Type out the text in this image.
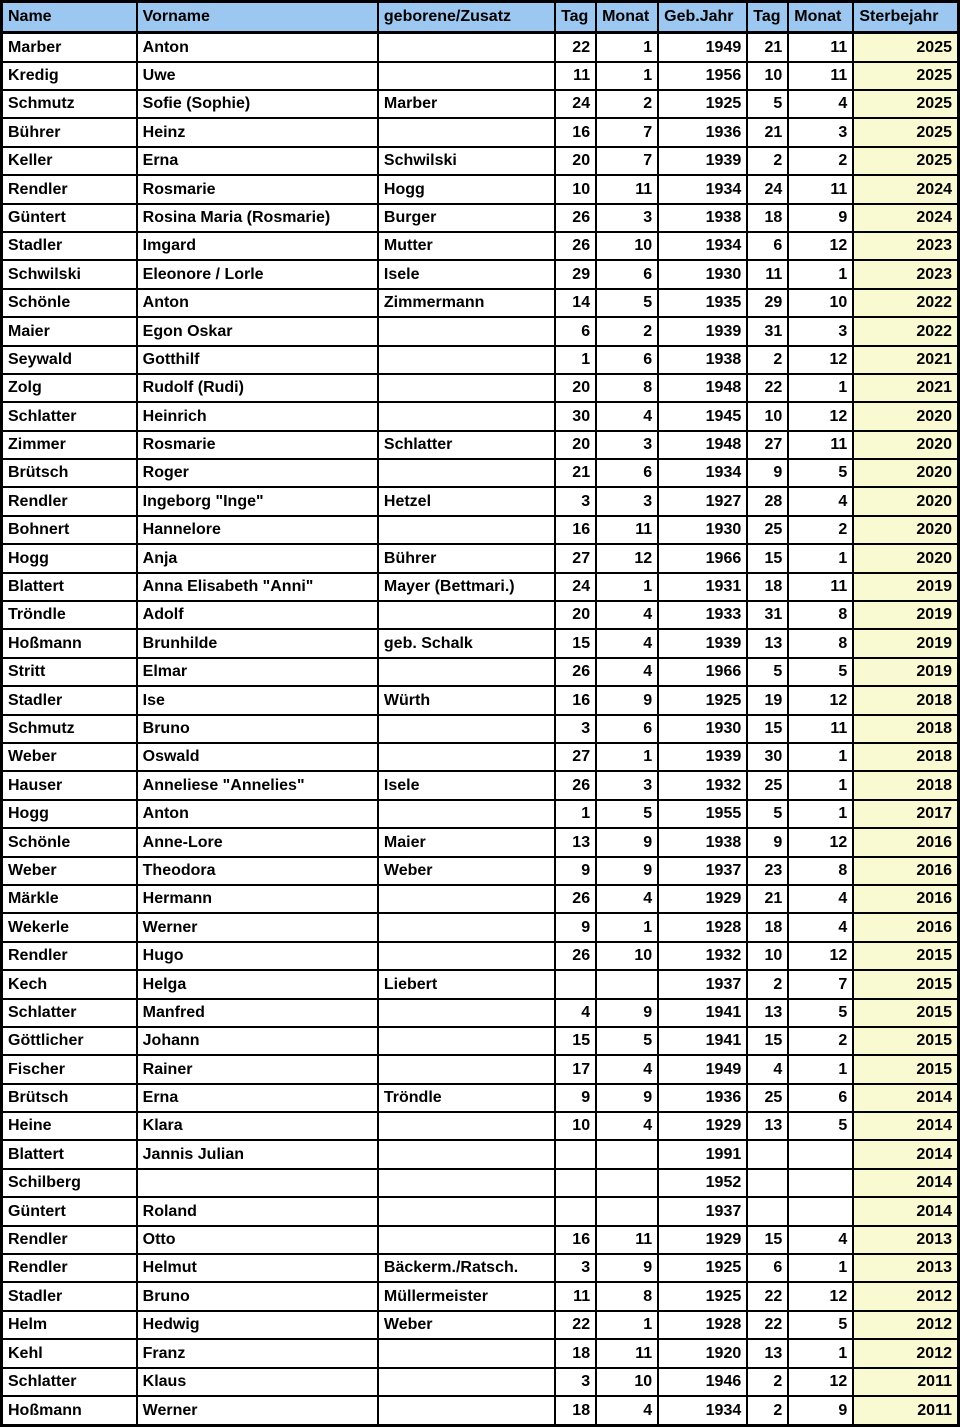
Name	Vorname	geborene/Zusatz	Tag	Monat	Geb.Jahr	Tag	Monat	Sterbejahr
Marber	Anton		22	1	1949	21	11	2025
Kredig	Uwe		11	1	1956	10	11	2025
Schmutz	Sofie (Sophie)	Marber	24	2	1925	5	4	2025
Bührer	Heinz		16	7	1936	21	3	2025
Keller	Erna	Schwilski	20	7	1939	2	2	2025
Rendler	Rosmarie	Hogg	10	11	1934	24	11	2024
Güntert	Rosina Maria (Rosmarie)	Burger	26	3	1938	18	9	2024
Stadler	Imgard	Mutter	26	10	1934	6	12	2023
Schwilski	Eleonore / Lorle	Isele	29	6	1930	11	1	2023
Schönle	Anton	Zimmermann	14	5	1935	29	10	2022
Maier	Egon Oskar		6	2	1939	31	3	2022
Seywald	Gotthilf		1	6	1938	2	12	2021
Zolg	Rudolf (Rudi)		20	8	1948	22	1	2021
Schlatter	Heinrich		30	4	1945	10	12	2020
Zimmer	Rosmarie	Schlatter	20	3	1948	27	11	2020
Brütsch	Roger		21	6	1934	9	5	2020
Rendler	Ingeborg "Inge"	Hetzel	3	3	1927	28	4	2020
Bohnert	Hannelore		16	11	1930	25	2	2020
Hogg	Anja	Bührer	27	12	1966	15	1	2020
Blattert	Anna Elisabeth "Anni"	Mayer (Bettmari.)	24	1	1931	18	11	2019
Tröndle	Adolf		20	4	1933	31	8	2019
Hoßmann	Brunhilde	geb. Schalk	15	4	1939	13	8	2019
Stritt	Elmar		26	4	1966	5	5	2019
Stadler	Ise	Würth	16	9	1925	19	12	2018
Schmutz	Bruno		3	6	1930	15	11	2018
Weber	Oswald		27	1	1939	30	1	2018
Hauser	Anneliese "Annelies"	Isele	26	3	1932	25	1	2018
Hogg	Anton		1	5	1955	5	1	2017
Schönle	Anne-Lore	Maier	13	9	1938	9	12	2016
Weber	Theodora	Weber	9	9	1937	23	8	2016
Märkle	Hermann		26	4	1929	21	4	2016
Wekerle	Werner		9	1	1928	18	4	2016
Rendler	Hugo		26	10	1932	10	12	2015
Kech	Helga	Liebert			1937	2	7	2015
Schlatter	Manfred		4	9	1941	13	5	2015
Göttlicher	Johann		15	5	1941	15	2	2015
Fischer	Rainer		17	4	1949	4	1	2015
Brütsch	Erna	Tröndle	9	9	1936	25	6	2014
Heine	Klara		10	4	1929	13	5	2014
Blattert	Jannis Julian				1991			2014
Schilberg					1952			2014
Güntert	Roland				1937			2014
Rendler	Otto		16	11	1929	15	4	2013
Rendler	Helmut	Bäckerm./Ratsch.	3	9	1925	6	1	2013
Stadler	Bruno	Müllermeister	11	8	1925	22	12	2012
Helm	Hedwig	Weber	22	1	1928	22	5	2012
Kehl	Franz		18	11	1920	13	1	2012
Schlatter	Klaus		3	10	1946	2	12	2011
Hoßmann	Werner		18	4	1934	2	9	2011
